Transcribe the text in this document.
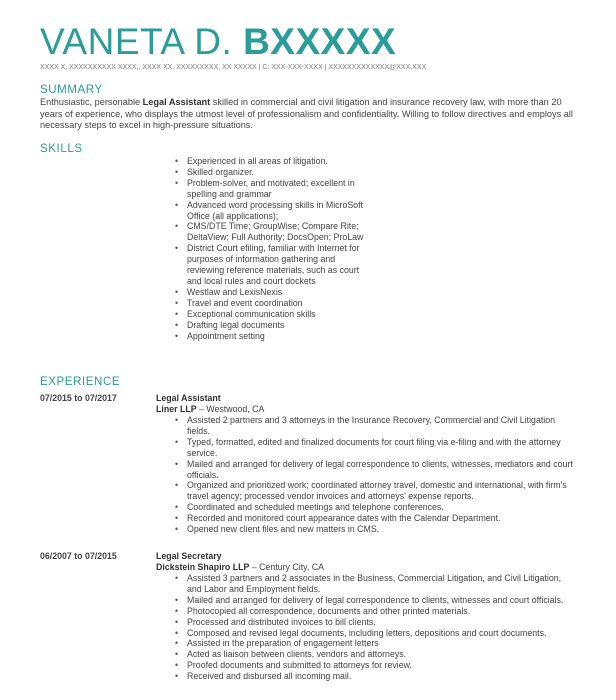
VANETA D. BXXXXX
XXXX X, XXXXXXXXXX XXXX,, XXXX XX, XXXXXXXXX, XX XXXXX | C: XXX-XXX-XXXX | XXXXXXXXXXXXX@XXX.XXX
SUMMARY

Enthusiastic, personable Legal Assistant skilled in commercial and civil litigation and insurance recovery law, with more than 20 years of experience, who displays the utmost level of professionalism and confidentiality. Willing to follow directives and employs all necessary steps to excel in high-pressure situations.

SKILLS
• Experienced in all areas of litigation.
• Skilled organizer.
• Problem-solver, and motivated; excellent in spelling and grammar
• Advanced word processing skills in MicroSoft Office (all applications);
• CMS/DTE Time; GroupWise; Compare Rite; DeltaView; Full Authority; DocsOpen; ProLaw
• District Court efiling, familiar with Internet for purposes of information gathering and reviewing reference materials, such as court and local rules and court dockets
• Westlaw and LexisNexis
• Travel and event coordination
• Exceptional communication skills
• Drafting legal documents
• Appointment setting
EXPERIENCE
07/2015 to 07/2017	Legal Assistant
Liner LLP – Westwood, CA
• Assisted 2 partners and 3 attorneys in the Insurance Recovery, Commercial and Civil Litigation fields.
• Typed, formatted, edited and finalized documents for court filing via e-filing and with the attorney service.
• Mailed and arranged for delivery of legal correspondence to clients, witnesses, mediators and court officials.
• Organized and prioritized work; coordinated attorney travel, domestic and international, with firm's travel agency; processed vendor invoices and attorneys' expense reports.
• Coordinated and scheduled meetings and telephone conferences.
• Recorded and monitored court appearance dates with the Calendar Department.
• Opened new client files and new matters in CMS.
06/2007 to 07/2015	Legal Secretary
Dickstein Shapiro LLP – Century City, CA
• Assisted 3 partners and 2 associates in the Business, Commercial Litigation, and Civil Litigation, and Labor and Employment fields.
• Mailed and arranged for delivery of legal correspondence to clients, witnesses and court officials.
• Photocopied all correspondence, documents and other printed materials.
• Processed and distributed invoices to bill clients.
• Composed and revised legal documents, including letters, depositions and court documents.
• Assisted in the preparation of engagement letters
• Acted as liaison between clients, vendors and attorneys.
• Proofed documents and submitted to attorneys for review.
• Received and disbursed all incoming mail.
